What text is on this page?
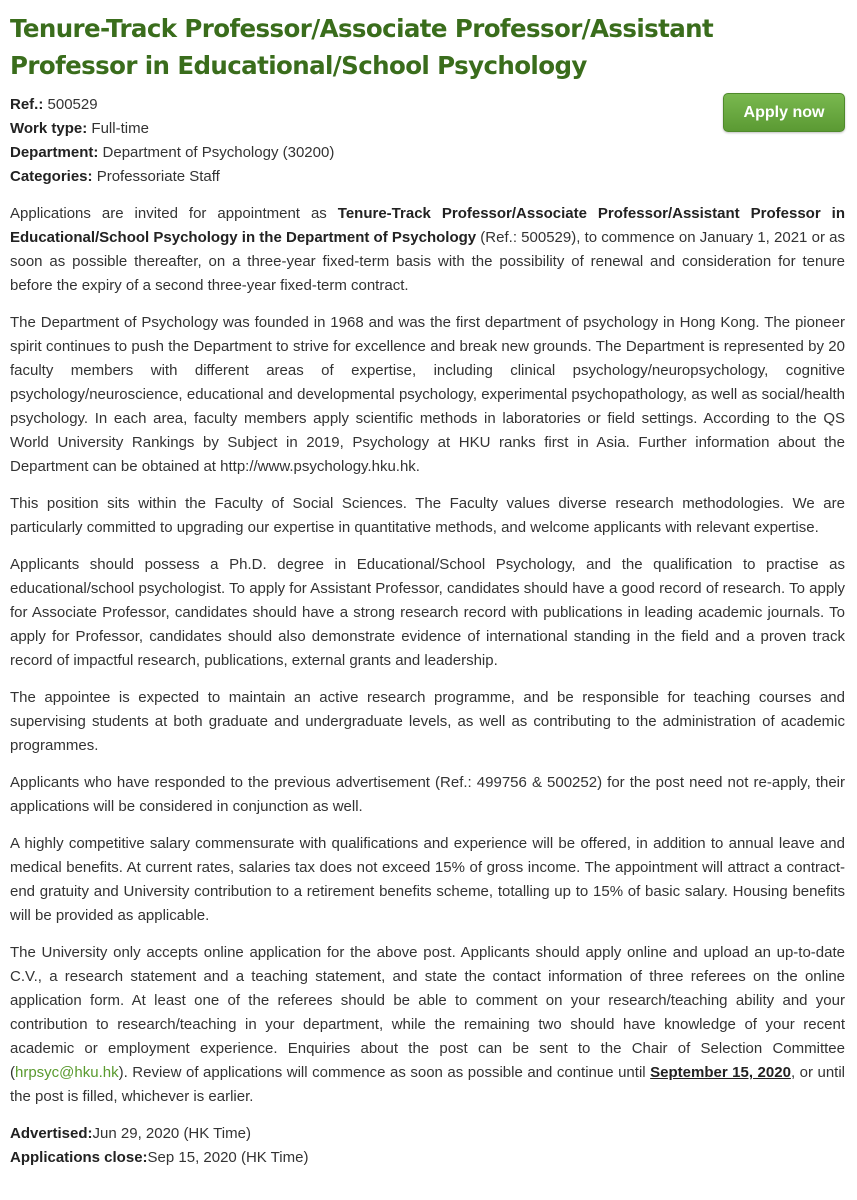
Tenure-Track Professor/Associate Professor/Assistant Professor in Educational/School Psychology
Ref.: 500529
Work type: Full-time
Department: Department of Psychology (30200)
Categories: Professoriate Staff
Apply now

Applications are invited for appointment as Tenure-Track Professor/Associate Professor/Assistant Professor in Educational/School Psychology in the Department of Psychology (Ref.: 500529), to commence on January 1, 2021 or as soon as possible thereafter, on a three-year fixed-term basis with the possibility of renewal and consideration for tenure before the expiry of a second three-year fixed-term contract.

The Department of Psychology was founded in 1968 and was the first department of psychology in Hong Kong. The pioneer spirit continues to push the Department to strive for excellence and break new grounds. The Department is represented by 20 faculty members with different areas of expertise, including clinical psychology/neuropsychology, cognitive psychology/neuroscience, educational and developmental psychology, experimental psychopathology, as well as social/health psychology. In each area, faculty members apply scientific methods in laboratories or field settings. According to the QS World University Rankings by Subject in 2019, Psychology at HKU ranks first in Asia. Further information about the Department can be obtained at http://www.psychology.hku.hk.

This position sits within the Faculty of Social Sciences. The Faculty values diverse research methodologies. We are particularly committed to upgrading our expertise in quantitative methods, and welcome applicants with relevant expertise.

Applicants should possess a Ph.D. degree in Educational/School Psychology, and the qualification to practise as educational/school psychologist. To apply for Assistant Professor, candidates should have a good record of research. To apply for Associate Professor, candidates should have a strong research record with publications in leading academic journals. To apply for Professor, candidates should also demonstrate evidence of international standing in the field and a proven track record of impactful research, publications, external grants and leadership.

The appointee is expected to maintain an active research programme, and be responsible for teaching courses and supervising students at both graduate and undergraduate levels, as well as contributing to the administration of academic programmes.

Applicants who have responded to the previous advertisement (Ref.: 499756 & 500252) for the post need not re-apply, their applications will be considered in conjunction as well.

A highly competitive salary commensurate with qualifications and experience will be offered, in addition to annual leave and medical benefits. At current rates, salaries tax does not exceed 15% of gross income. The appointment will attract a contract-end gratuity and University contribution to a retirement benefits scheme, totalling up to 15% of basic salary. Housing benefits will be provided as applicable.

The University only accepts online application for the above post. Applicants should apply online and upload an up-to-date C.V., a research statement and a teaching statement, and state the contact information of three referees on the online application form. At least one of the referees should be able to comment on your research/teaching ability and your contribution to research/teaching in your department, while the remaining two should have knowledge of your recent academic or employment experience. Enquiries about the post can be sent to the Chair of Selection Committee (hrpsyc@hku.hk). Review of applications will commence as soon as possible and continue until September 15, 2020, or until the post is filled, whichever is earlier.

Advertised:Jun 29, 2020 (HK Time)
Applications close:Sep 15, 2020 (HK Time)
